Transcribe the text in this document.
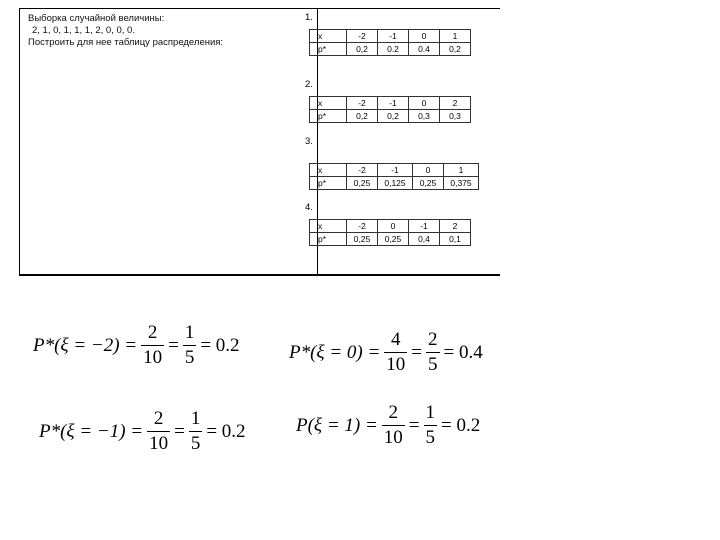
Выборка случайной величины:
2, 1, 0, 1, 1, 1, 2, 0, 0, 0.
Построить для нее таблицу распределения:
1.
x	-2	-1	0	1
p*	0,2	0.2	0.4	0,2
2.
x	-2	-1	0	2
p*	0,2	0,2	0,3	0,3
3.
x	-2	-1	0	1
p*	0,25	0,125	0,25	0,375
4.
x	-2	0	-1	2
p*	0,25	0,25	0,4	0,1
$P*(\xi = -2) = \frac{2}{10} = \frac{1}{5} = 0.2$	$P*(\xi = 0) = \frac{4}{10} = \frac{2}{5} = 0.4$
$P*(\xi = -1) = \frac{2}{10} = \frac{1}{5} = 0.2$	$P(\xi = 1) = \frac{2}{10} = \frac{1}{5} = 0.2$
